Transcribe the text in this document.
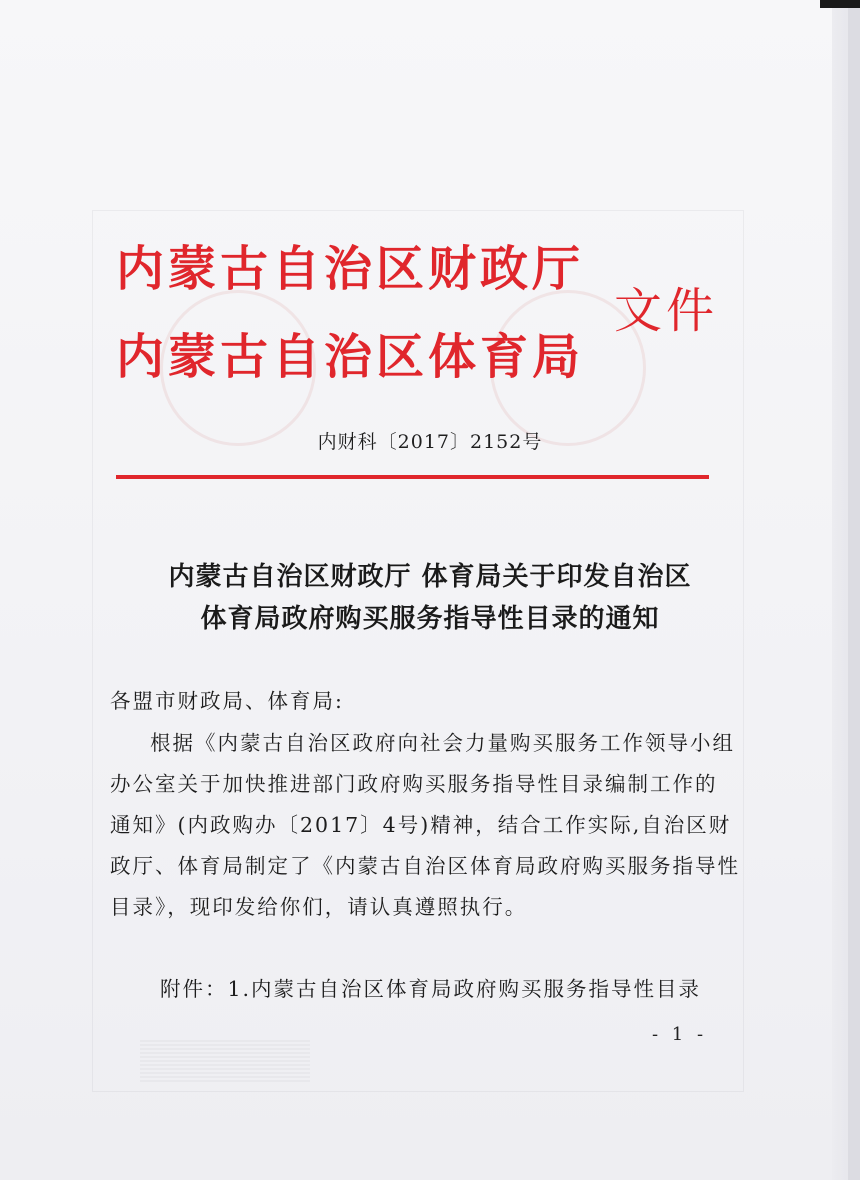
内蒙古自治区财政厅
内蒙古自治区体育局
文件
内财科〔2017〕2152号
内蒙古自治区财政厅 体育局关于印发自治区
体育局政府购买服务指导性目录的通知
各盟市财政局、体育局:
根据《内蒙古自治区政府向社会力量购买服务工作领导小组
办公室关于加快推进部门政府购买服务指导性目录编制工作的
通知》(内政购办〔2017〕4号)精神，结合工作实际,自治区财
政厅、体育局制定了《内蒙古自治区体育局政府购买服务指导性
目录》，现印发给你们，请认真遵照执行。
附件：1.内蒙古自治区体育局政府购买服务指导性目录
- 1 -
